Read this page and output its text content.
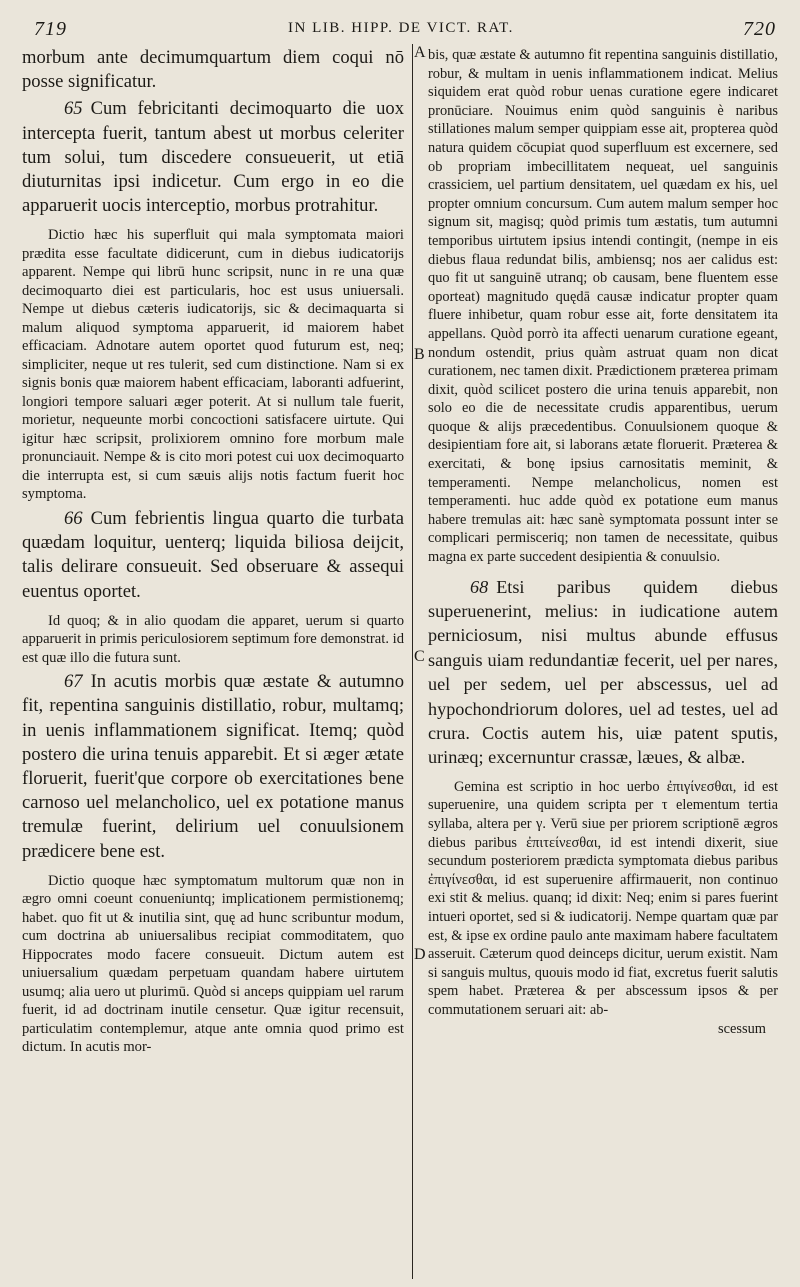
719	IN LIB. HIPP. DE VICT. RAT.	720
A
B
C
D

morbum ante decimumquartum diem coqui nō posse significatur.

65 Cum febricitanti decimoquarto die uox intercepta fuerit, tantum abest ut morbus celeriter tum solui, tum discedere consueuerit, ut etiā diuturnitas ipsi indicetur. Cum ergo in eo die apparuerit uocis interceptio, morbus protrahitur.

Dictio hæc his superfluit qui mala symptomata maiori prædita esse facultate didicerunt, cum in diebus iudicatorijs apparent. Nempe qui librū hunc scripsit, nunc in re una quæ decimoquarto diei est particularis, hoc est usus uniuersali. Nempe ut diebus cæteris iudicatorijs, sic & decimaquarta si malum aliquod symptoma apparuerit, id maiorem habet efficaciam. Adnotare autem oportet quod futurum est, neq; simpliciter, neque ut res tulerit, sed cum distinctione. Nam si ex signis bonis quæ maiorem habent efficaciam, laboranti adfuerint, longiori tempore saluari æger poterit. At si nullum tale fuerit, morietur, nequeunte morbi concoctioni satisfacere uirtute. Qui igitur hæc scripsit, prolixiorem omnino fore morbum male pronunciauit. Nempe & is cito mori potest cui uox decimoquarto die interrupta est, si cum sæuis alijs notis factum fuerit hoc symptoma.

66 Cum febrientis lingua quarto die turbata quædam loquitur, uenterq; liquida biliosa deijcit, talis delirare consueuit. Sed obseruare & assequi euentus oportet.

Id quoq; & in alio quodam die apparet, uerum si quarto apparuerit in primis periculosiorem septimum fore demonstrat. id est quæ illo die futura sunt.

67 In acutis morbis quæ æstate & autumno fit, repentina sanguinis distillatio, robur, multamq; in uenis inflammationem significat. Itemq; quòd postero die urina tenuis apparebit. Et si æger ætate floruerit, fuerit'que corpore ob exercitationes bene carnoso uel melancholico, uel ex potatione manus tremulæ fuerint, delirium uel conuulsionem prædicere bene est.

Dictio quoque hæc symptomatum multorum quæ non in ægro omni coeunt conueniuntq; implicationem permistionemq; habet. quo fit ut & inutilia sint, quę ad hunc scribuntur modum, cum doctrina ab uniuersalibus recipiat commoditatem, quo Hippocrates modo facere consueuit. Dictum autem est uniuersalium quædam perpetuam quandam habere uirtutem usumq; alia uero ut plurimū. Quòd si anceps quippiam uel rarum fuerit, id ad doctrinam inutile censetur. Quæ igitur recensuit, particulatim contemplemur, atque ante omnia quod primo est dictum. In acutis mor-

bis, quæ æstate & autumno fit repentina sanguinis distillatio, robur, & multam in uenis inflammationem indicat. Melius siquidem erat quòd robur uenas curatione egere indicaret pronūciare. Nouimus enim quòd sanguinis è naribus stillationes malum semper quippiam esse ait, propterea quòd natura quidem cōcupiat quod superfluum est excernere, sed ob propriam imbecillitatem nequeat, uel sanguinis crassiciem, uel partium densitatem, uel quædam ex his, uel propter omnium concursum. Cum autem malum semper hoc signum sit, magisq; quòd primis tum æstatis, tum autumni temporibus uirtutem ipsius intendi contingit, (nempe in eis diebus flaua redundat bilis, ambiensq; nos aer calidus est: quo fit ut sanguinē utranq; ob causam, bene fluentem esse oporteat) magnitudo quędā causæ indicatur propter quam fluere inhibetur, quam robur esse ait, forte densitatem ita appellans. Quòd porrò ita affecti uenarum curatione egeant, nondum ostendit, prius quàm astruat quam non dicat curationem, nec tamen dixit. Prædictionem præterea primam dixit, quòd scilicet postero die urina tenuis apparebit, non solo eo die de necessitate crudis apparentibus, uerum quoque & alijs præcedentibus. Conuulsionem quoque & desipientiam fore ait, si laborans ætate floruerit. Præterea & exercitati, & bonę ipsius carnositatis meminit, & temperamenti. Nempe melancholicus, nomen est temperamenti. huc adde quòd ex potatione eum manus habere tremulas ait: hæc sanè symptomata possunt inter se complicari permisceriq; non tamen de necessitate, quibus magna ex parte succedent desipientia & conuulsio.

68 Etsi paribus quidem diebus superuenerint, melius: in iudicatione autem perniciosum, nisi multus abunde effusus sanguis uiam redundantiæ fecerit, uel per nares, uel per sedem, uel per abscessus, uel ad hypochondriorum dolores, uel ad testes, uel ad crura. Coctis autem his, uiæ patent sputis, urinæq; excernuntur crassæ, læues, & albæ.

Gemina est scriptio in hoc uerbo ἐπιγίνεσθαι, id est superuenire, una quidem scripta per τ elementum tertia syllaba, altera per γ. Verū siue per priorem scriptionē ægros diebus paribus ἐπιτείνεσθαι, id est intendi dixerit, siue secundum posteriorem prædicta symptomata diebus paribus ἐπιγίνεσθαι, id est superuenire affirmauerit, non continuo exi stit & melius. quanq; id dixit: Neq; enim si pares fuerint intueri oportet, sed si & iudicatorij. Nempe quartam quæ par est, & ipse ex ordine paulo ante maximam habere facultatem asseruit. Cæterum quod deinceps dicitur, uerum existit. Nam si sanguis multus, quouis modo id fiat, excretus fuerit salutis spem habet. Præterea & per abscessum ipsos & per commutationem seruari ait: ab-

scessum
